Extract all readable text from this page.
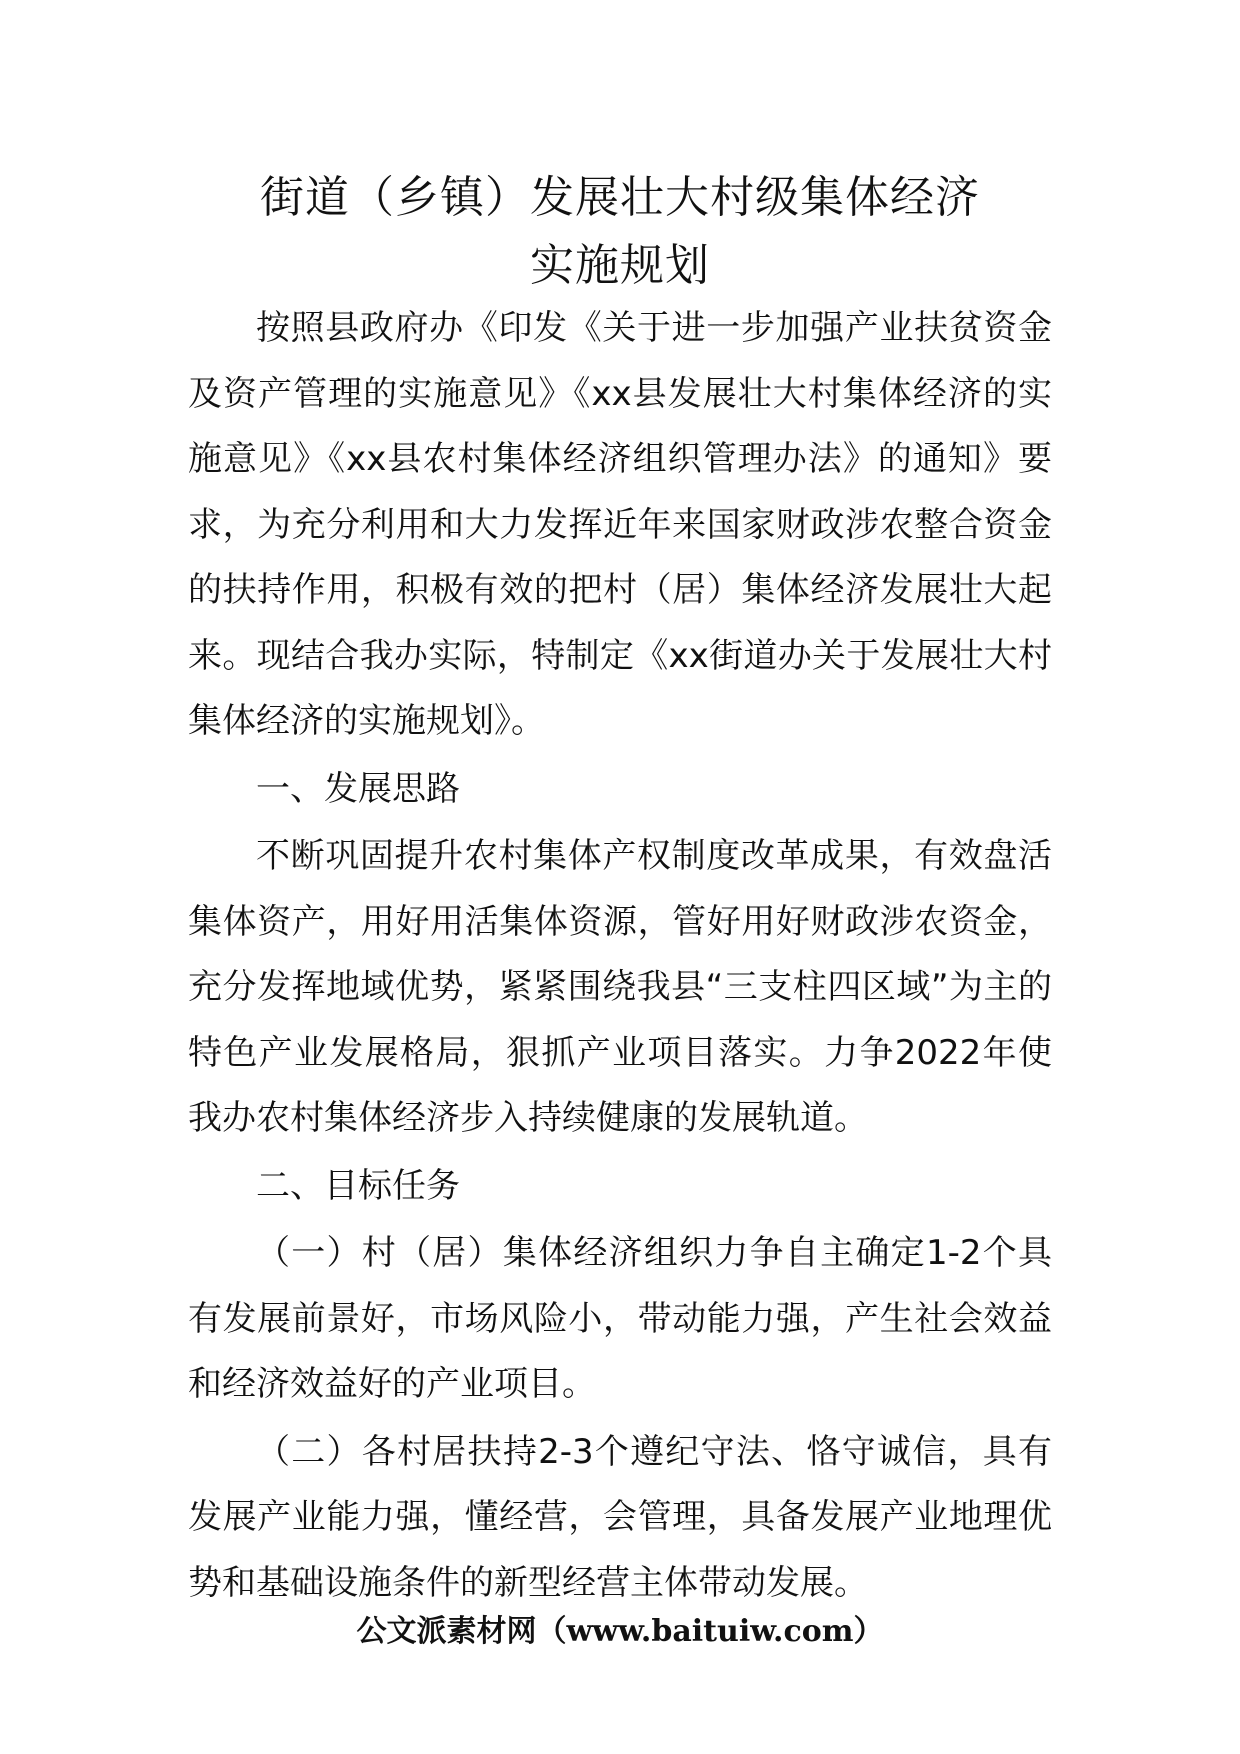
街道（乡镇）发展壮大村级集体经济
实施规划

按照县政府办《印发《关于进一步加强产业扶贫资金及资产管理的实施意见》《xx县发展壮大村集体经济的实施意见》《xx县农村集体经济组织管理办法》的通知》要求，为充分利用和大力发挥近年来国家财政涉农整合资金的扶持作用，积极有效的把村（居）集体经济发展壮大起来。现结合我办实际，特制定《xx街道办关于发展壮大村集体经济的实施规划》。

一、发展思路

不断巩固提升农村集体产权制度改革成果，有效盘活集体资产，用好用活集体资源，管好用好财政涉农资金，充分发挥地域优势，紧紧围绕我县“三支柱四区域”为主的特色产业发展格局，狠抓产业项目落实。力争2022年使我办农村集体经济步入持续健康的发展轨道。

二、目标任务

（一）村（居）集体经济组织力争自主确定1-2个具有发展前景好，市场风险小，带动能力强，产生社会效益和经济效益好的产业项目。

（二）各村居扶持2-3个遵纪守法、恪守诚信，具有发展产业能力强，懂经营，会管理，具备发展产业地理优势和基础设施条件的新型经营主体带动发展。

公文派素材网（www.baituiw.com）
